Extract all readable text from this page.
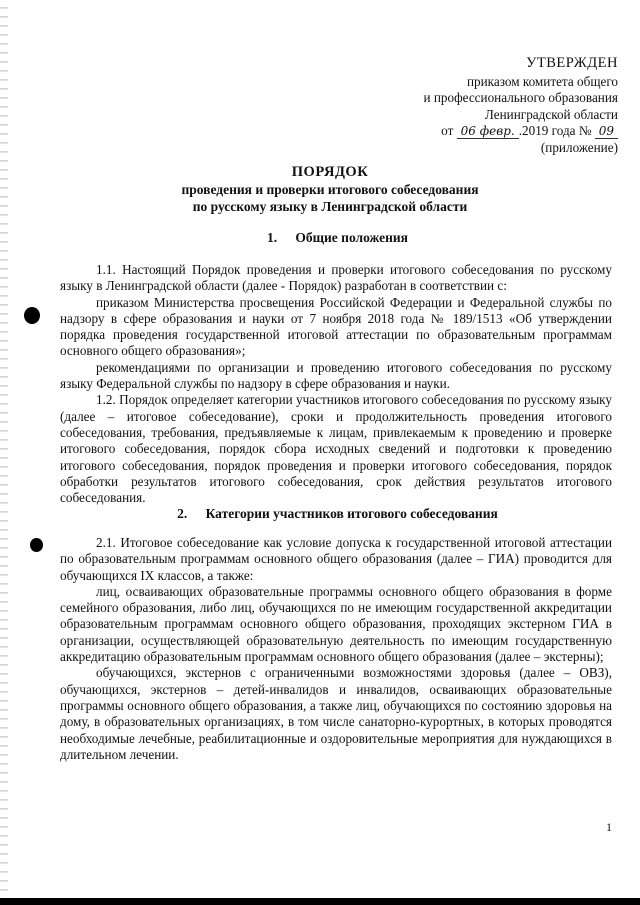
УТВЕРЖДЕН
приказом комитета общего
и профессионального образования
Ленинградской области
от 06 февр. .2019 года № 09
(приложение)
ПОРЯДОК
проведения и проверки итогового собеседования
по русскому языку в Ленинградской области
1. Общие положения

1.1. Настоящий Порядок проведения и проверки итогового собеседования по русскому языку в Ленинградской области (далее - Порядок) разработан в соответствии с:

приказом Министерства просвещения Российской Федерации и Федеральной службы по надзору в сфере образования и науки от 7 ноября 2018 года № 189/1513 «Об утверждении порядка проведения государственной итоговой аттестации по образовательным программам основного общего образования»;

рекомендациями по организации и проведению итогового собеседования по русскому языку Федеральной службы по надзору в сфере образования и науки.

1.2. Порядок определяет категории участников итогового собеседования по русскому языку (далее – итоговое собеседование), сроки и продолжительность проведения итогового собеседования, требования, предъявляемые к лицам, привлекаемым к проведению и проверке итогового собеседования, порядок сбора исходных сведений и подготовки к проведению итогового собеседования, порядок проведения и проверки итогового собеседования, порядок обработки результатов итогового собеседования, срок действия результатов итогового собеседования.

2. Категории участников итогового собеседования

2.1. Итоговое собеседование как условие допуска к государственной итоговой аттестации по образовательным программам основного общего образования (далее – ГИА) проводится для обучающихся IX классов, а также:

лиц, осваивающих образовательные программы основного общего образования в форме семейного образования, либо лиц, обучающихся по не имеющим государственной аккредитации образовательным программам основного общего образования, проходящих экстерном ГИА в организации, осуществляющей образовательную деятельность по имеющим государственную аккредитацию образовательным программам основного общего образования (далее – экстерны);

обучающихся, экстернов с ограниченными возможностями здоровья (далее – ОВЗ), обучающихся, экстернов – детей-инвалидов и инвалидов, осваивающих образовательные программы основного общего образования, а также лиц, обучающихся по состоянию здоровья на дому, в образовательных организациях, в том числе санаторно-курортных, в которых проводятся необходимые лечебные, реабилитационные и оздоровительные мероприятия для нуждающихся в длительном лечении.

1
